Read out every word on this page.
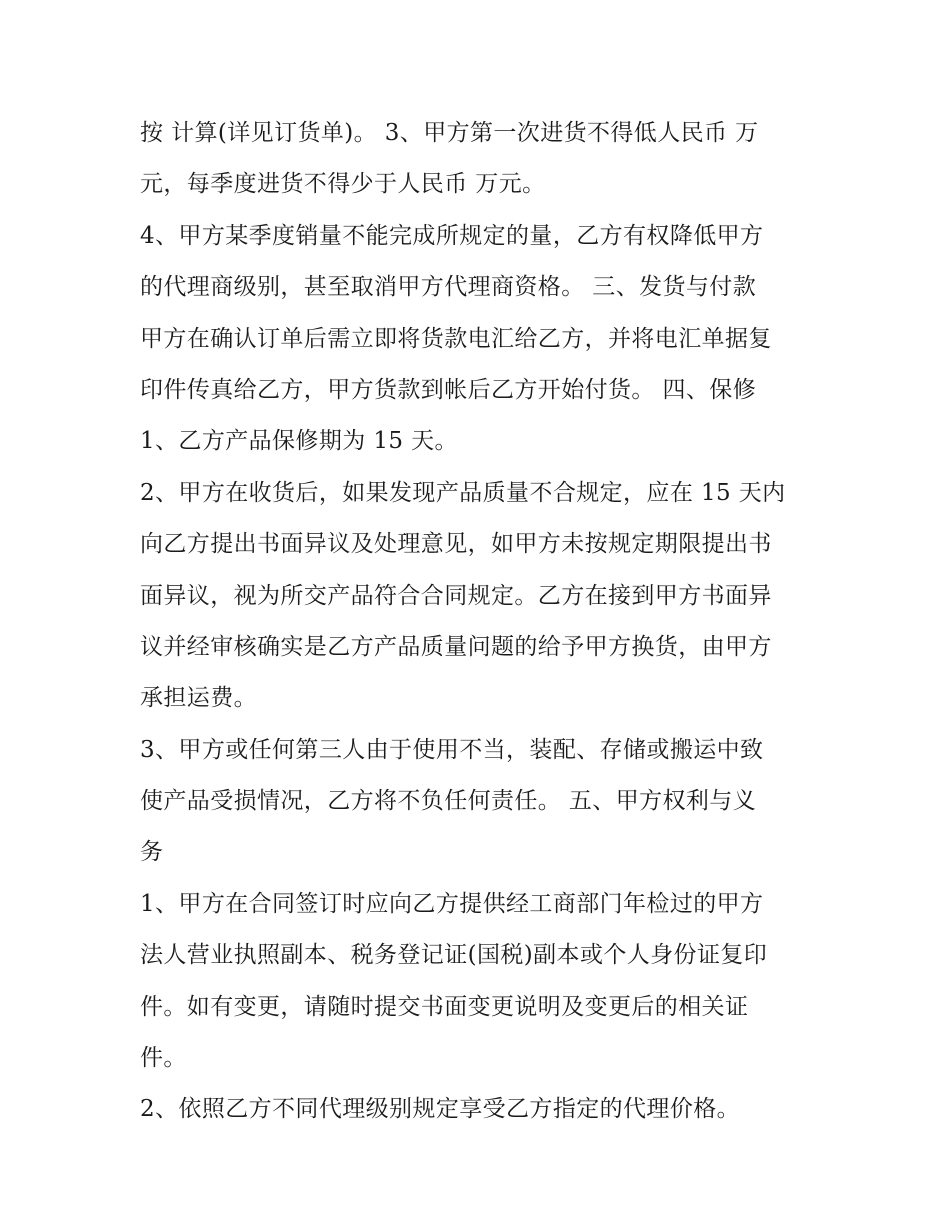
按 计算(详见订货单)。 3、甲方第一次进货不得低人民币 万
元，每季度进货不得少于人民币 万元。
4、甲方某季度销量不能完成所规定的量，乙方有权降低甲方
的代理商级别，甚至取消甲方代理商资格。 三、发货与付款
甲方在确认订单后需立即将货款电汇给乙方，并将电汇单据复
印件传真给乙方，甲方货款到帐后乙方开始付货。 四、保修
1、乙方产品保修期为 15 天。
2、甲方在收货后，如果发现产品质量不合规定，应在 15 天内
向乙方提出书面异议及处理意见，如甲方未按规定期限提出书
面异议，视为所交产品符合合同规定。乙方在接到甲方书面异
议并经审核确实是乙方产品质量问题的给予甲方换货，由甲方
承担运费。
3、甲方或任何第三人由于使用不当，装配、存储或搬运中致
使产品受损情况，乙方将不负任何责任。 五、甲方权利与义
务
1、甲方在合同签订时应向乙方提供经工商部门年检过的甲方
法人营业执照副本、税务登记证(国税)副本或个人身份证复印
件。如有变更，请随时提交书面变更说明及变更后的相关证
件。
2、依照乙方不同代理级别规定享受乙方指定的代理价格。
